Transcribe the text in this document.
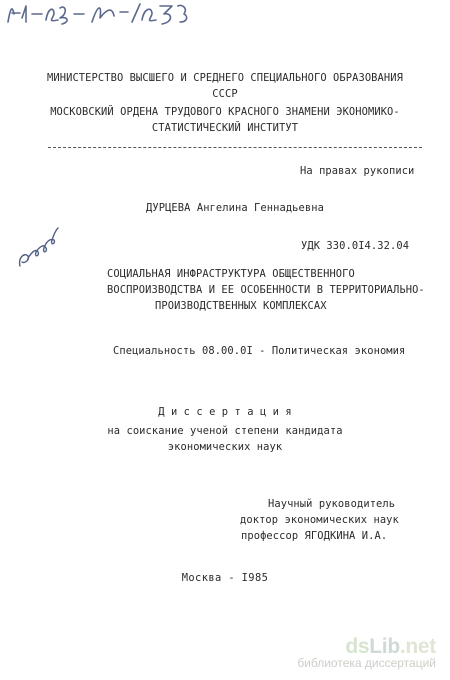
МИНИСТЕРСТВО ВЫСШЕГО И СРЕДНЕГО СПЕЦИАЛЬНОГО ОБРАЗОВАНИЯ
СССР
МОСКОВСКИЙ ОРДЕНА ТРУДОВОГО КРАСНОГО ЗНАМЕНИ ЭКОНОМИКО-
СТАТИСТИЧЕСКИЙ ИНСТИТУТ
На правах рукописи
ДУРЦЕВА Ангелина Геннадьевна
УДК 330.0I4.32.04
СОЦИАЛЬНАЯ ИНФРАСТРУКТУРА ОБЩЕСТВЕННОГО
ВОСПРОИЗВОДСТВА И ЕЕ ОСОБЕННОСТИ В ТЕРРИТОРИАЛЬНО-
ПРОИЗВОДСТВЕННЫХ КОМПЛЕКСАХ
Специальность 08.00.0I - Политическая экономия
Д и с с е р т а ц и я
на соискание ученой степени кандидата
экономических наук
Научный руководитель
доктор экономических наук
профессор ЯГОДКИНА И.А.
Москва - I985
dsLib.net
библиотека диссертаций
